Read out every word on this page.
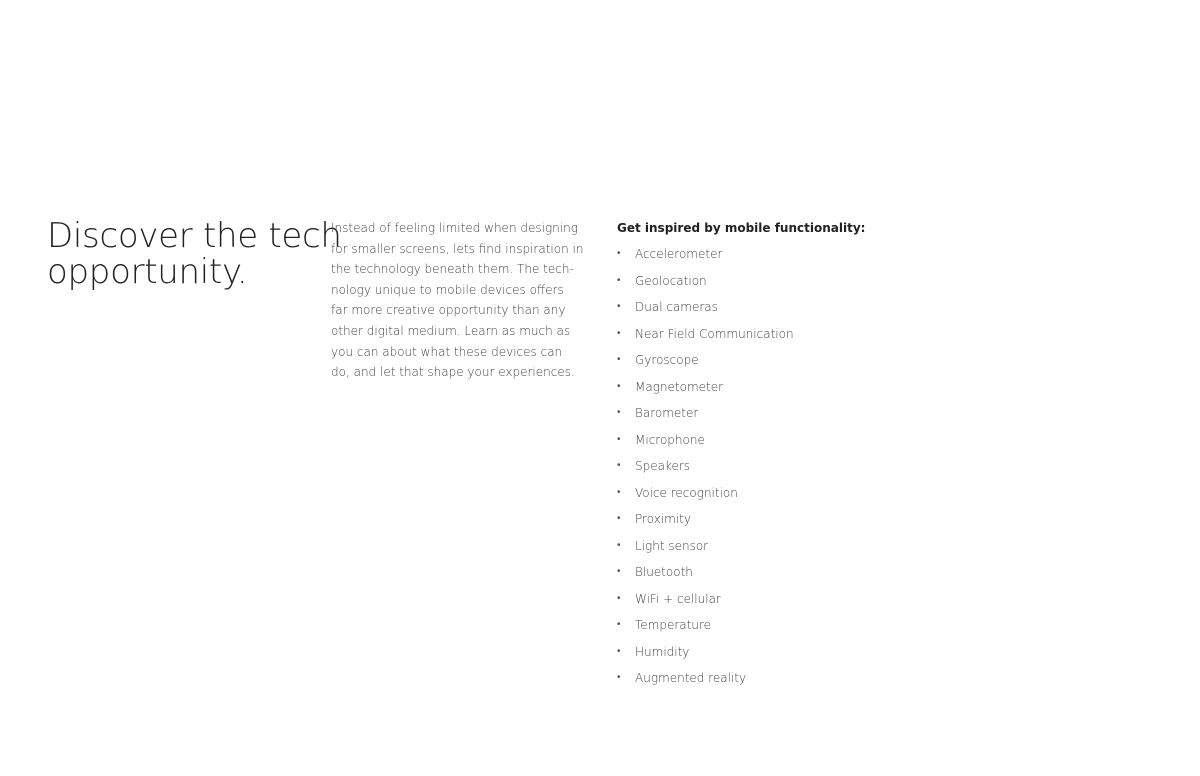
Discover the tech
opportunity.

Instead of feeling limited when designing
for smaller screens, lets find inspiration in
the technology beneath them. The tech-
nology unique to mobile devices offers
far more creative opportunity than any
other digital medium. Learn as much as
you can about what these devices can
do, and let that shape your experiences.

Get inspired by mobile functionality:
•	Accelerometer
•	Geolocation
•	Dual cameras
•	Near Field Communication
•	Gyroscope
•	Magnetometer
•	Barometer
•	Microphone
•	Speakers
•	Voice recognition
•	Proximity
•	Light sensor
•	Bluetooth
•	WiFi + cellular
•	Temperature
•	Humidity
•	Augmented reality
